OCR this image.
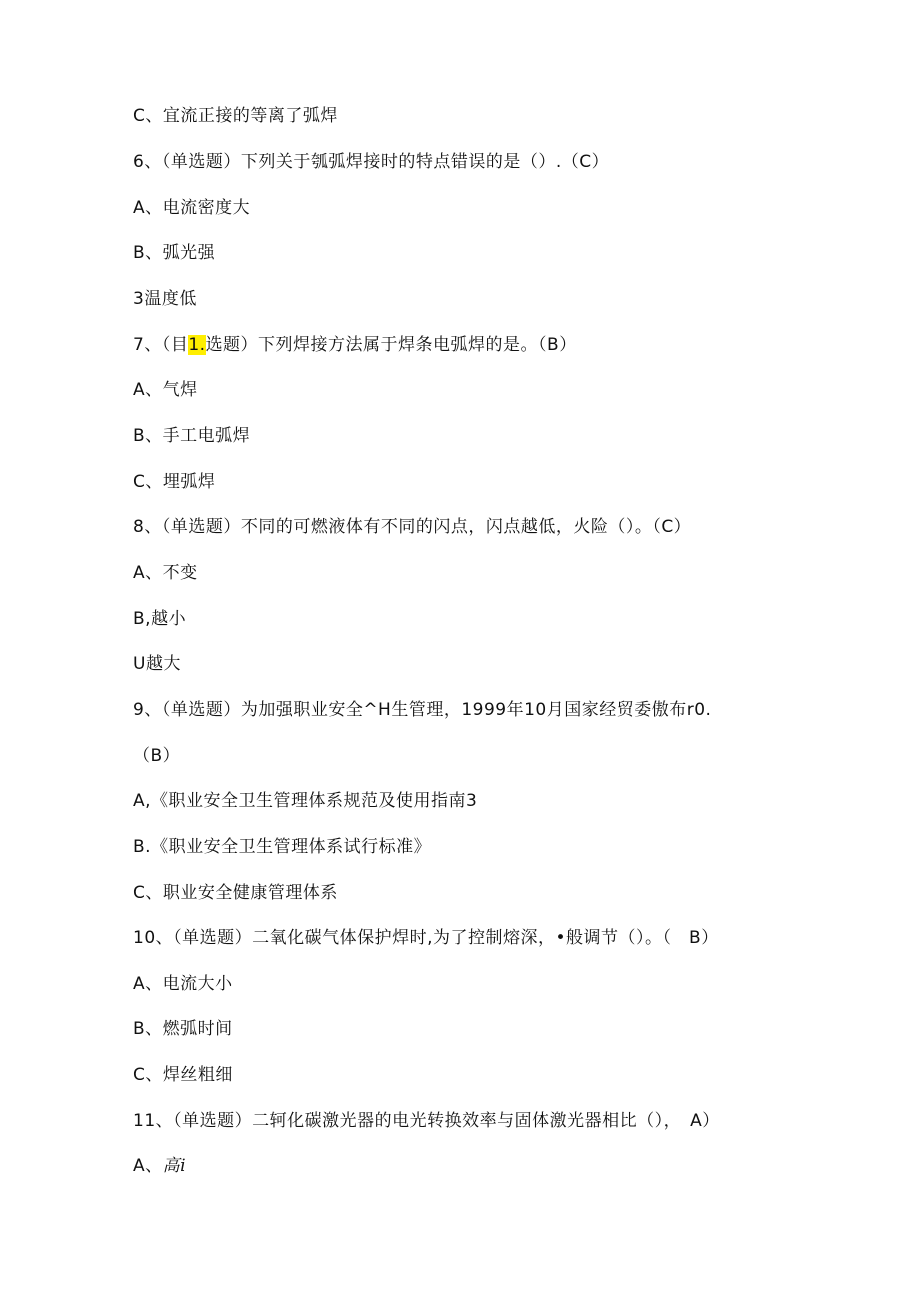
C、宜流正接的等离了弧焊
6、（单选题）下列关于瓠弧焊接时的特点错误的是（）.（C）
A、电流密度大
B、弧光强
3温度低
7、（目1.选题）下列焊接方法属于焊条电弧焊的是。（B）
A、气焊
B、手工电弧焊
C、埋弧焊
8、（单选题）不同的可燃液体有不同的闪点，闪点越低，火险（）。（C）
A、不变
B,越小
U越大
9、（单选题）为加强职业安全^H生管理，1999年10月国家经贸委傲布r0.
（B）
A,《职业安全卫生管理体系规范及使用指南3
B.《职业安全卫生管理体系试行标准》
C、职业安全健康管理体系
10、（单选题）二氧化碳气体保护焊时,为了控制熔深，•般调节（）。（　B）
A、电流大小
B、燃弧时间
C、焊丝粗细
11、（单选题）二轲化碳激光器的电光转换效率与固体激光器相比（），　A）
A、高i
